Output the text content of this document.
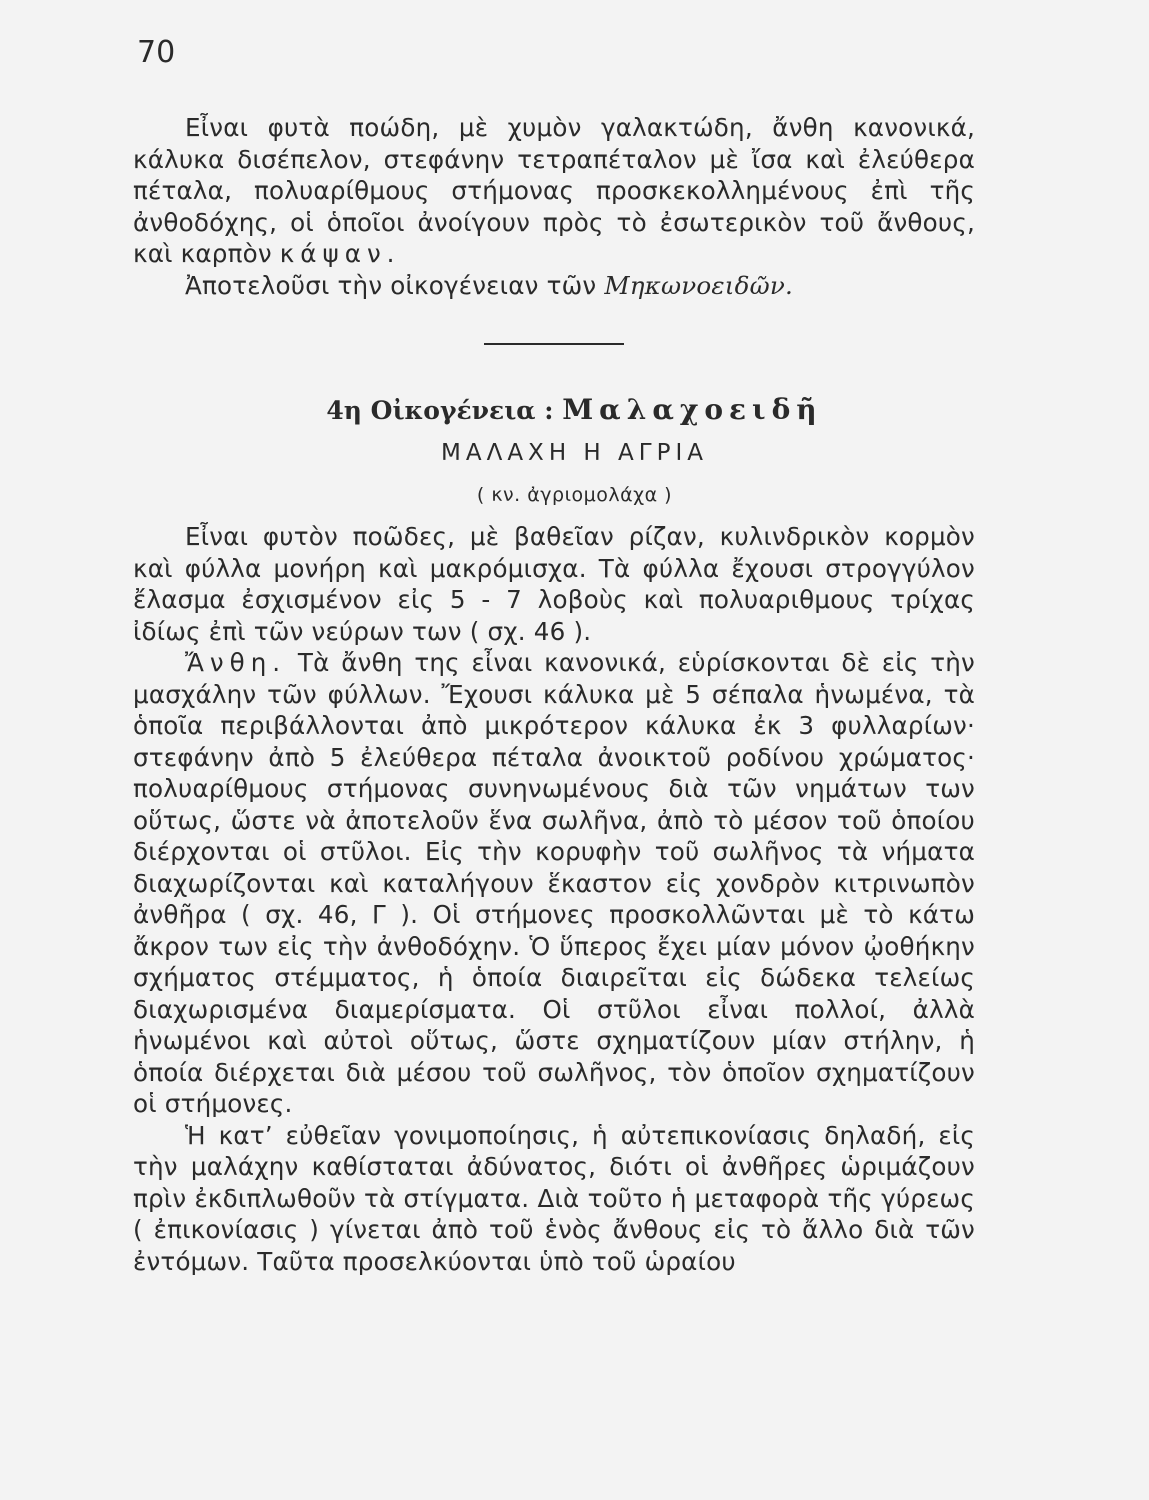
70

Εἶναι φυτὰ ποώδη, μὲ χυμὸν γαλακτώδη, ἄνθη κανονικά, κάλυκα δισέπελον, στεφάνην τετραπέταλον μὲ ἴσα καὶ ἐλεύθερα πέταλα, πολυαρίθμους στήμονας προσκεκολλημένους ἐπὶ τῆς ἀνθοδόχης, οἱ ὁποῖοι ἀνοίγουν πρὸς τὸ ἐσωτερικὸν τοῦ ἄνθους, καὶ καρπὸν κάψαν.

Ἀποτελοῦσι τὴν οἰκογένειαν τῶν Μηκωνοειδῶν.

4η Οἰκογένεια : Μαλαχοειδῆ
ΜΑΛΑΧΗ Η ΑΓΡΙΑ
( κν. ἀγριομολάχα )

Εἶναι φυτὸν ποῶδες, μὲ βαθεῖαν ρίζαν, κυλινδρικὸν κορμὸν καὶ φύλλα μονήρη καὶ μακρόμισχα. Τὰ φύλλα ἔχουσι στρογγύλον ἔλασμα ἐσχισμένον εἰς 5 - 7 λοβοὺς καὶ πολυαριθμους τρίχας ἰδίως ἐπὶ τῶν νεύρων των ( σχ. 46 ).

Ἄνθη. Τὰ ἄνθη της εἶναι κανονικά, εὑρίσκονται δὲ εἰς τὴν μασχάλην τῶν φύλλων. Ἔχουσι κάλυκα μὲ 5 σέπαλα ἡνωμένα, τὰ ὁποῖα περιβάλλονται ἀπὸ μικρότερον κάλυκα ἐκ 3 φυλλαρίων· στεφάνην ἀπὸ 5 ἐλεύθερα πέταλα ἀνοικτοῦ ροδίνου χρώματος· πολυαρίθμους στήμονας συνηνωμένους διὰ τῶν νημάτων των οὕτως, ὥστε νὰ ἀποτελοῦν ἕνα σωλῆνα, ἀπὸ τὸ μέσον τοῦ ὁποίου διέρχονται οἱ στῦλοι. Εἰς τὴν κορυφὴν τοῦ σωλῆνος τὰ νήματα διαχωρίζονται καὶ καταλήγουν ἕκαστον εἰς χονδρὸν κιτρινωπὸν ἀνθῆρα ( σχ. 46, Γ ). Οἱ στήμονες προσκολλῶνται μὲ τὸ κάτω ἄκρον των εἰς τὴν ἀνθοδόχην. Ὁ ὕπερος ἔχει μίαν μόνον ᾠοθήκην σχήματος στέμματος, ἡ ὁποία διαιρεῖται εἰς δώδεκα τελείως διαχωρισμένα διαμερίσματα. Οἱ στῦλοι εἶναι πολλοί, ἀλλὰ ἡνωμένοι καὶ αὐτοὶ οὕτως, ὥστε σχηματίζουν μίαν στήλην, ἡ ὁποία διέρχεται διὰ μέσου τοῦ σωλῆνος, τὸν ὁποῖον σχηματίζουν οἱ στήμονες.

Ἡ κατ’ εὐθεῖαν γονιμοποίησις, ἡ αὐτεπικονίασις δηλαδή, εἰς τὴν μαλάχην καθίσταται ἀδύνατος, διότι οἱ ἀνθῆρες ὡριμάζουν πρὶν ἐκδιπλωθοῦν τὰ στίγματα. Διὰ τοῦτο ἡ μεταφορὰ τῆς γύρεως ( ἐπικονίασις ) γίνεται ἀπὸ τοῦ ἑνὸς ἄνθους εἰς τὸ ἄλλο διὰ τῶν ἐντόμων. Ταῦτα προσελκύονται ὑπὸ τοῦ ὡραίου
